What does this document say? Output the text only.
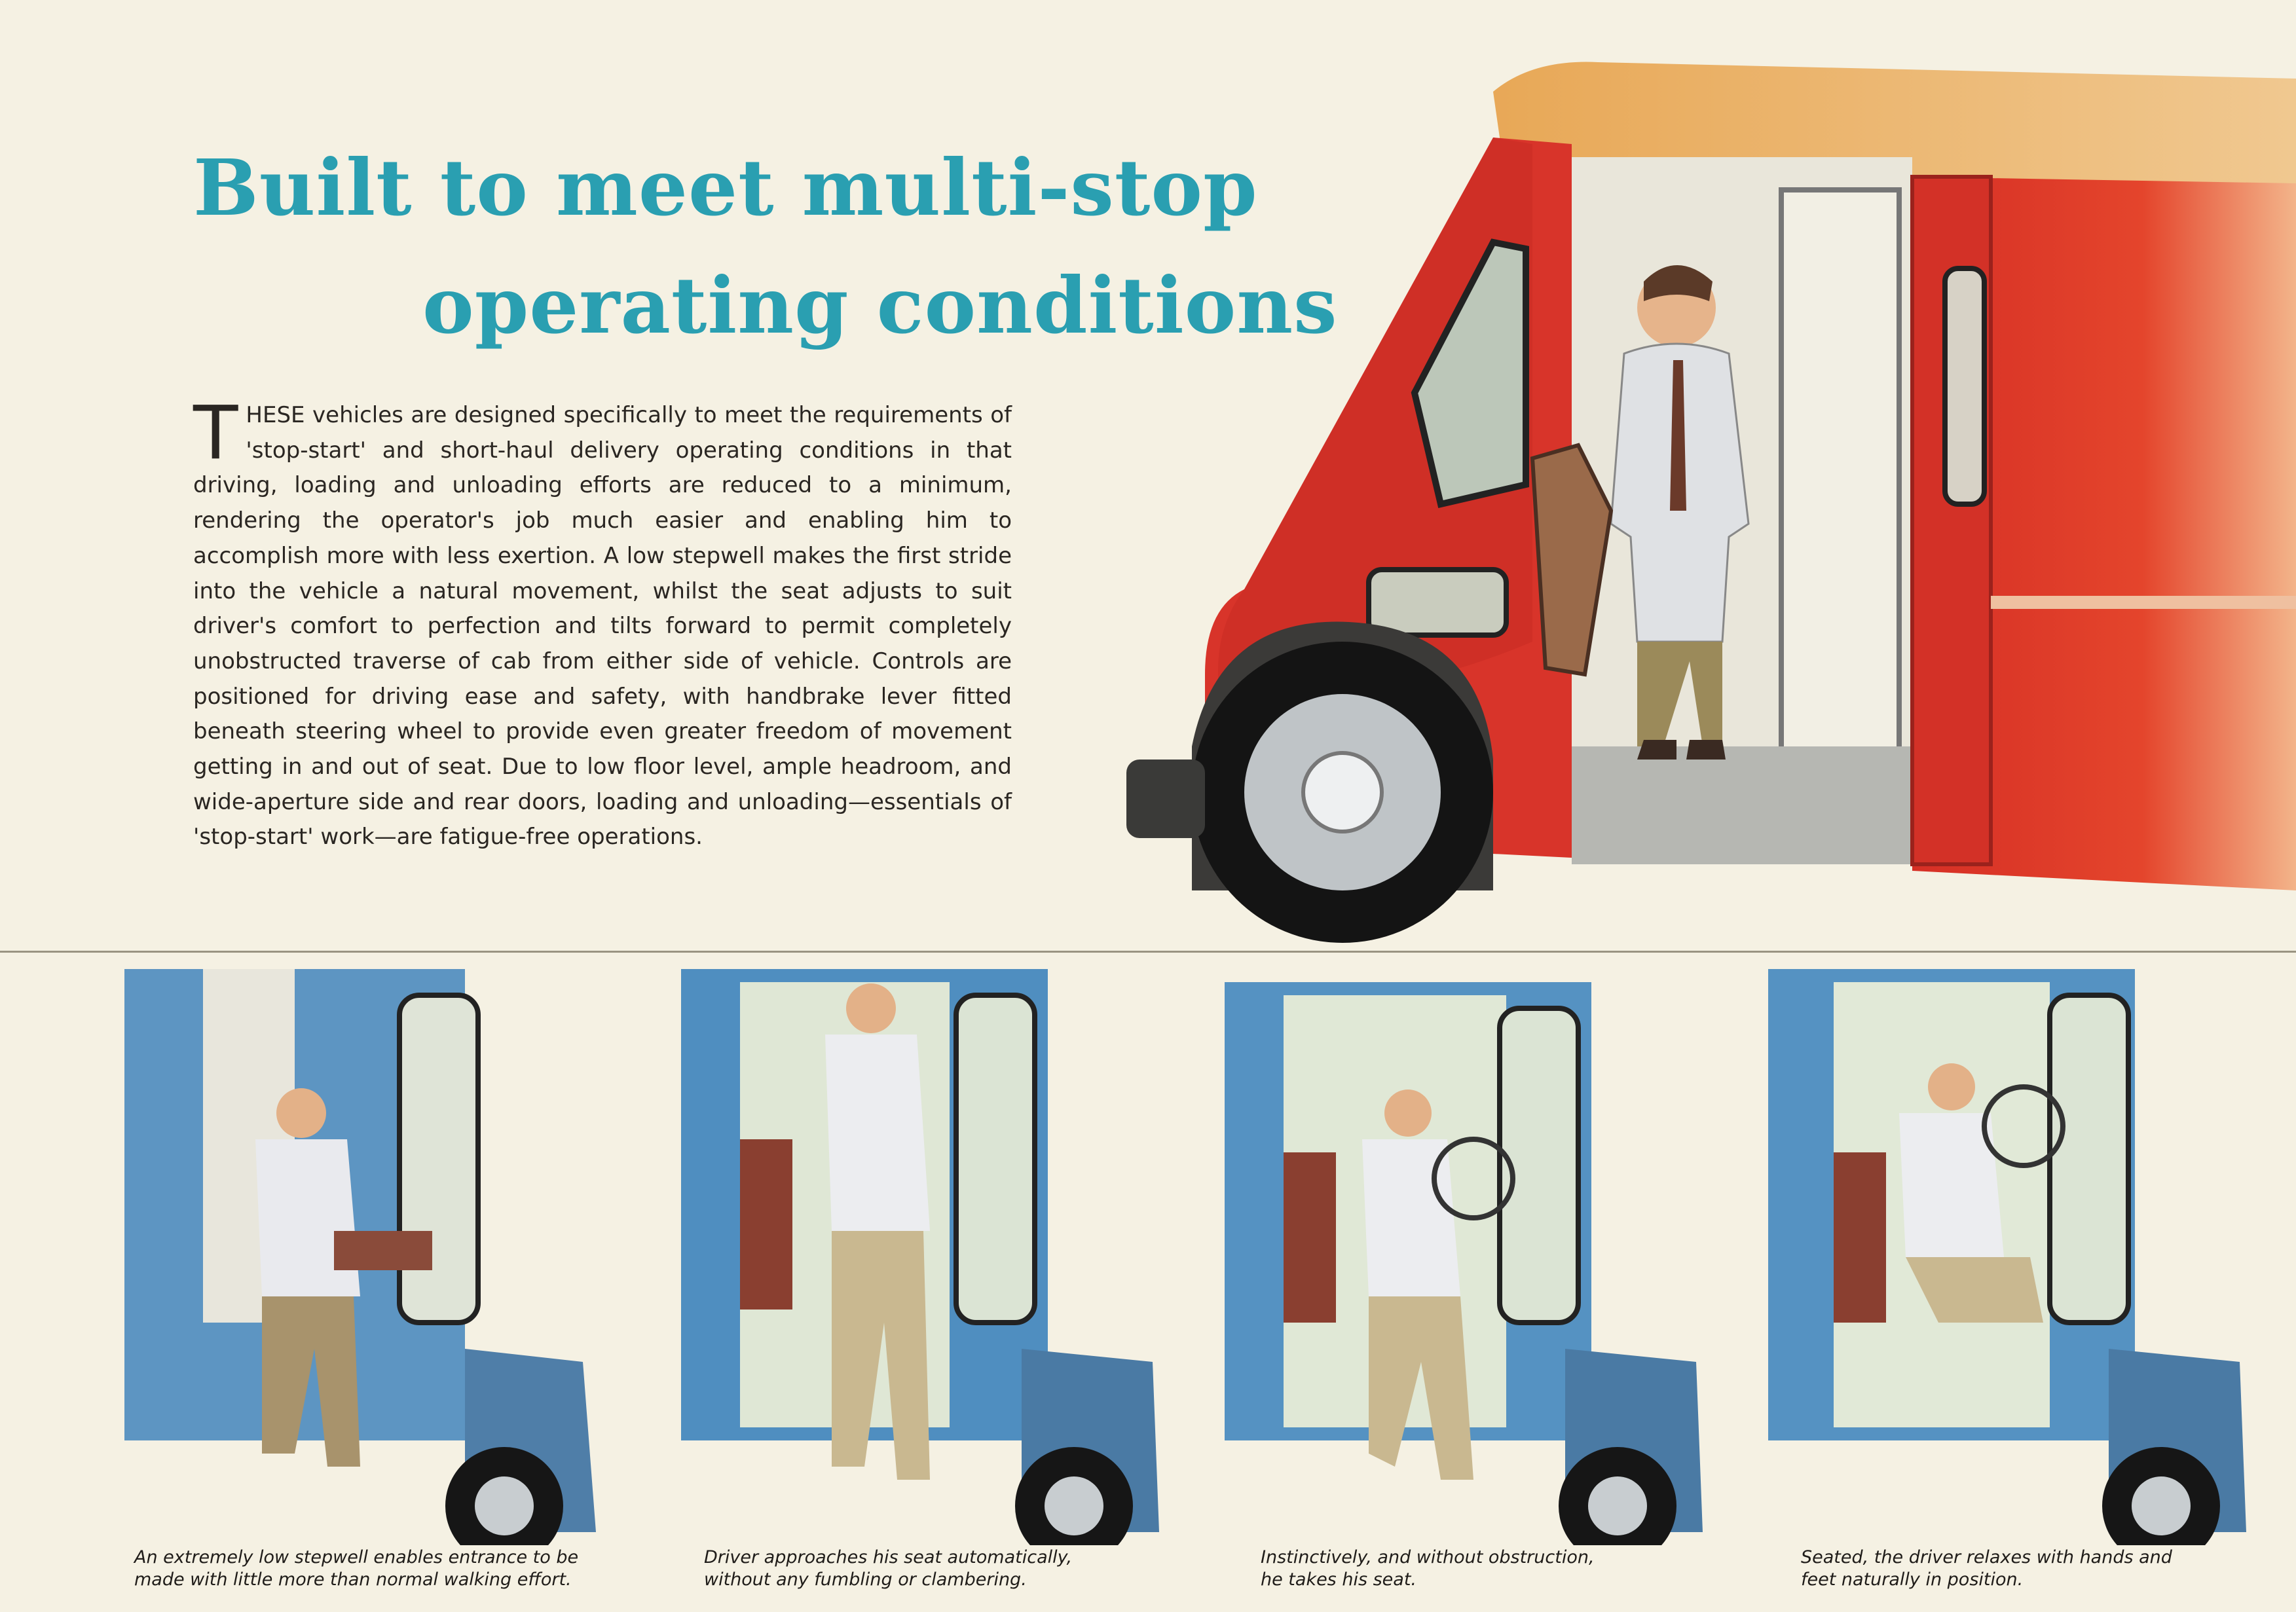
Built to meet multi-stop
operating conditions
T HESE vehicles are designed specifically to meet the requirements of 'stop-start' and short-haul delivery operating conditions in that driving, loading and unloading efforts are reduced to a minimum, rendering the operator's job much easier and enabling him to accomplish more with less exertion. A low stepwell makes the first stride into the vehicle a natural movement, whilst the seat adjusts to suit driver's comfort to perfection and tilts forward to permit completely unobstructed traverse of cab from either side of vehicle. Controls are positioned for driving ease and safety, with handbrake lever fitted beneath steering wheel to provide even greater freedom of movement getting in and out of seat. Due to low floor level, ample headroom, and wide-aperture side and rear doors, loading and unloading—essentials of 'stop-start' work—are fatigue-free operations.
An extremely low stepwell enables entrance to be
made with little more than normal walking effort.
Driver approaches his seat automatically,
without any fumbling or clambering.
Instinctively, and without obstruction,
he takes his seat.
Seated, the driver relaxes with hands and
feet naturally in position.
